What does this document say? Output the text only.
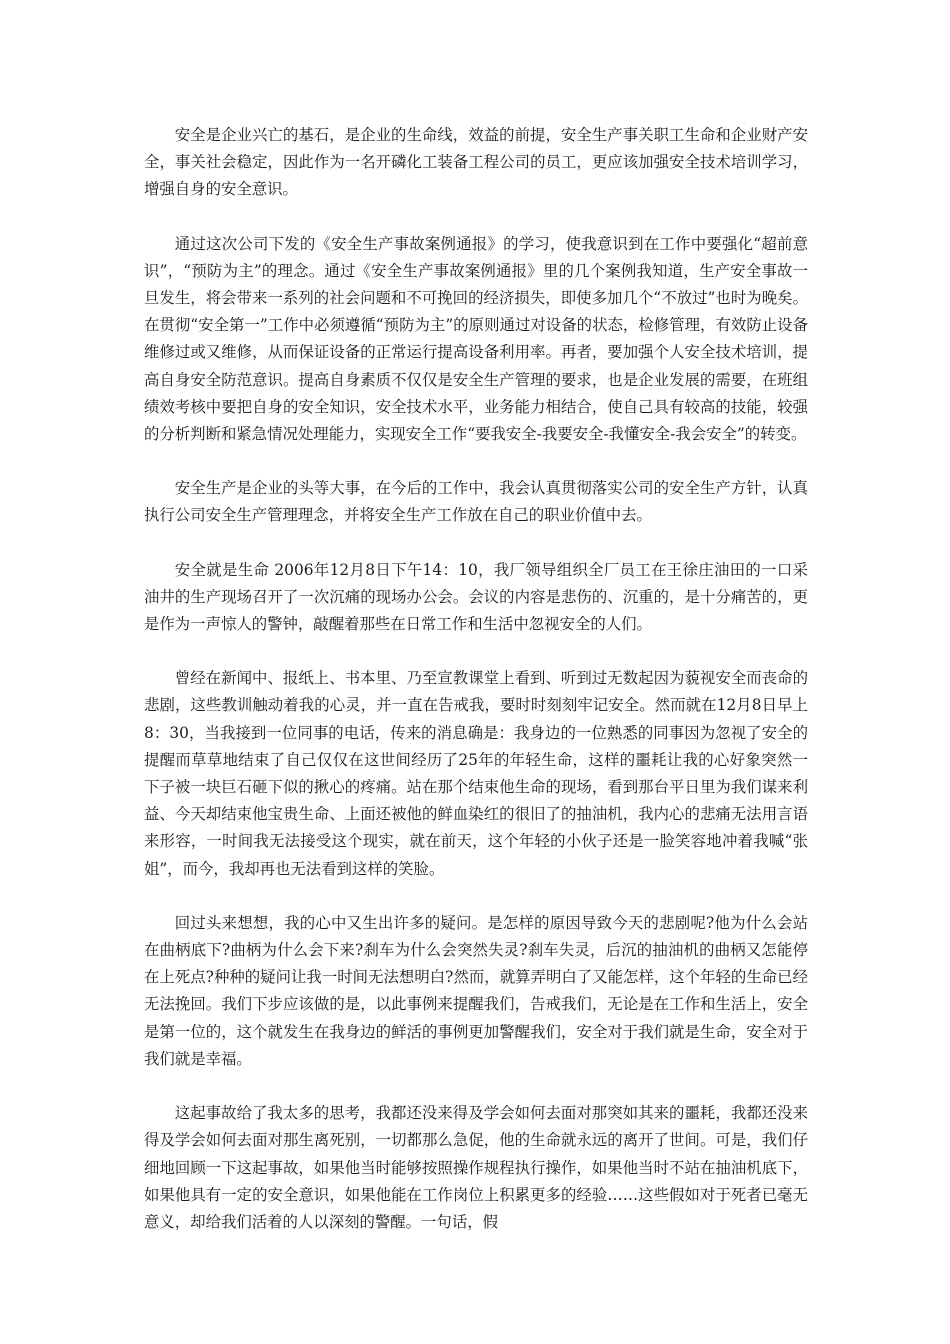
安全是企业兴亡的基石，是企业的生命线，效益的前提，安全生产事关职工生命和企业财产安全，事关社会稳定，因此作为一名开磷化工装备工程公司的员工，更应该加强安全技术培训学习，增强自身的安全意识。

通过这次公司下发的《安全生产事故案例通报》的学习，使我意识到在工作中要强化“超前意识”，“预防为主”的理念。通过《安全生产事故案例通报》里的几个案例我知道，生产安全事故一旦发生，将会带来一系列的社会问题和不可挽回的经济损失，即使多加几个“不放过”也时为晚矣。在贯彻“安全第一”工作中必须遵循“预防为主”的原则通过对设备的状态，检修管理，有效防止设备维修过或又维修，从而保证设备的正常运行提高设备利用率。再者，要加强个人安全技术培训，提高自身安全防范意识。提高自身素质不仅仅是安全生产管理的要求，也是企业发展的需要，在班组绩效考核中要把自身的安全知识，安全技术水平，业务能力相结合，使自己具有较高的技能，较强的分析判断和紧急情况处理能力，实现安全工作“要我安全-我要安全-我懂安全-我会安全”的转变。

安全生产是企业的头等大事，在今后的工作中，我会认真贯彻落实公司的安全生产方针，认真执行公司安全生产管理理念，并将安全生产工作放在自己的职业价值中去。

安全就是生命 2006年12月8日下午14：10，我厂领导组织全厂员工在王徐庄油田的一口采油井的生产现场召开了一次沉痛的现场办公会。会议的内容是悲伤的、沉重的，是十分痛苦的，更是作为一声惊人的警钟，敲醒着那些在日常工作和生活中忽视安全的人们。

曾经在新闻中、报纸上、书本里、乃至宣教课堂上看到、听到过无数起因为藐视安全而丧命的悲剧，这些教训触动着我的心灵，并一直在告戒我，要时时刻刻牢记安全。然而就在12月8日早上8：30，当我接到一位同事的电话，传来的消息确是：我身边的一位熟悉的同事因为忽视了安全的提醒而草草地结束了自己仅仅在这世间经历了25年的年轻生命，这样的噩耗让我的心好象突然一下子被一块巨石砸下似的揪心的疼痛。站在那个结束他生命的现场，看到那台平日里为我们谋来利益、今天却结束他宝贵生命、上面还被他的鲜血染红的很旧了的抽油机，我内心的悲痛无法用言语来形容，一时间我无法接受这个现实，就在前天，这个年轻的小伙子还是一脸笑容地冲着我喊“张姐”，而今，我却再也无法看到这样的笑脸。

回过头来想想，我的心中又生出许多的疑问。是怎样的原因导致今天的悲剧呢?他为什么会站在曲柄底下?曲柄为什么会下来?刹车为什么会突然失灵?刹车失灵，后沉的抽油机的曲柄又怎能停在上死点?种种的疑问让我一时间无法想明白?然而，就算弄明白了又能怎样，这个年轻的生命已经无法挽回。我们下步应该做的是，以此事例来提醒我们，告戒我们，无论是在工作和生活上，安全是第一位的，这个就发生在我身边的鲜活的事例更加警醒我们，安全对于我们就是生命，安全对于我们就是幸福。

这起事故给了我太多的思考，我都还没来得及学会如何去面对那突如其来的噩耗，我都还没来得及学会如何去面对那生离死别，一切都那么急促，他的生命就永远的离开了世间。可是，我们仔细地回顾一下这起事故，如果他当时能够按照操作规程执行操作，如果他当时不站在抽油机底下，如果他具有一定的安全意识，如果他能在工作岗位上积累更多的经验……这些假如对于死者已毫无意义，却给我们活着的人以深刻的警醒。一句话，假
